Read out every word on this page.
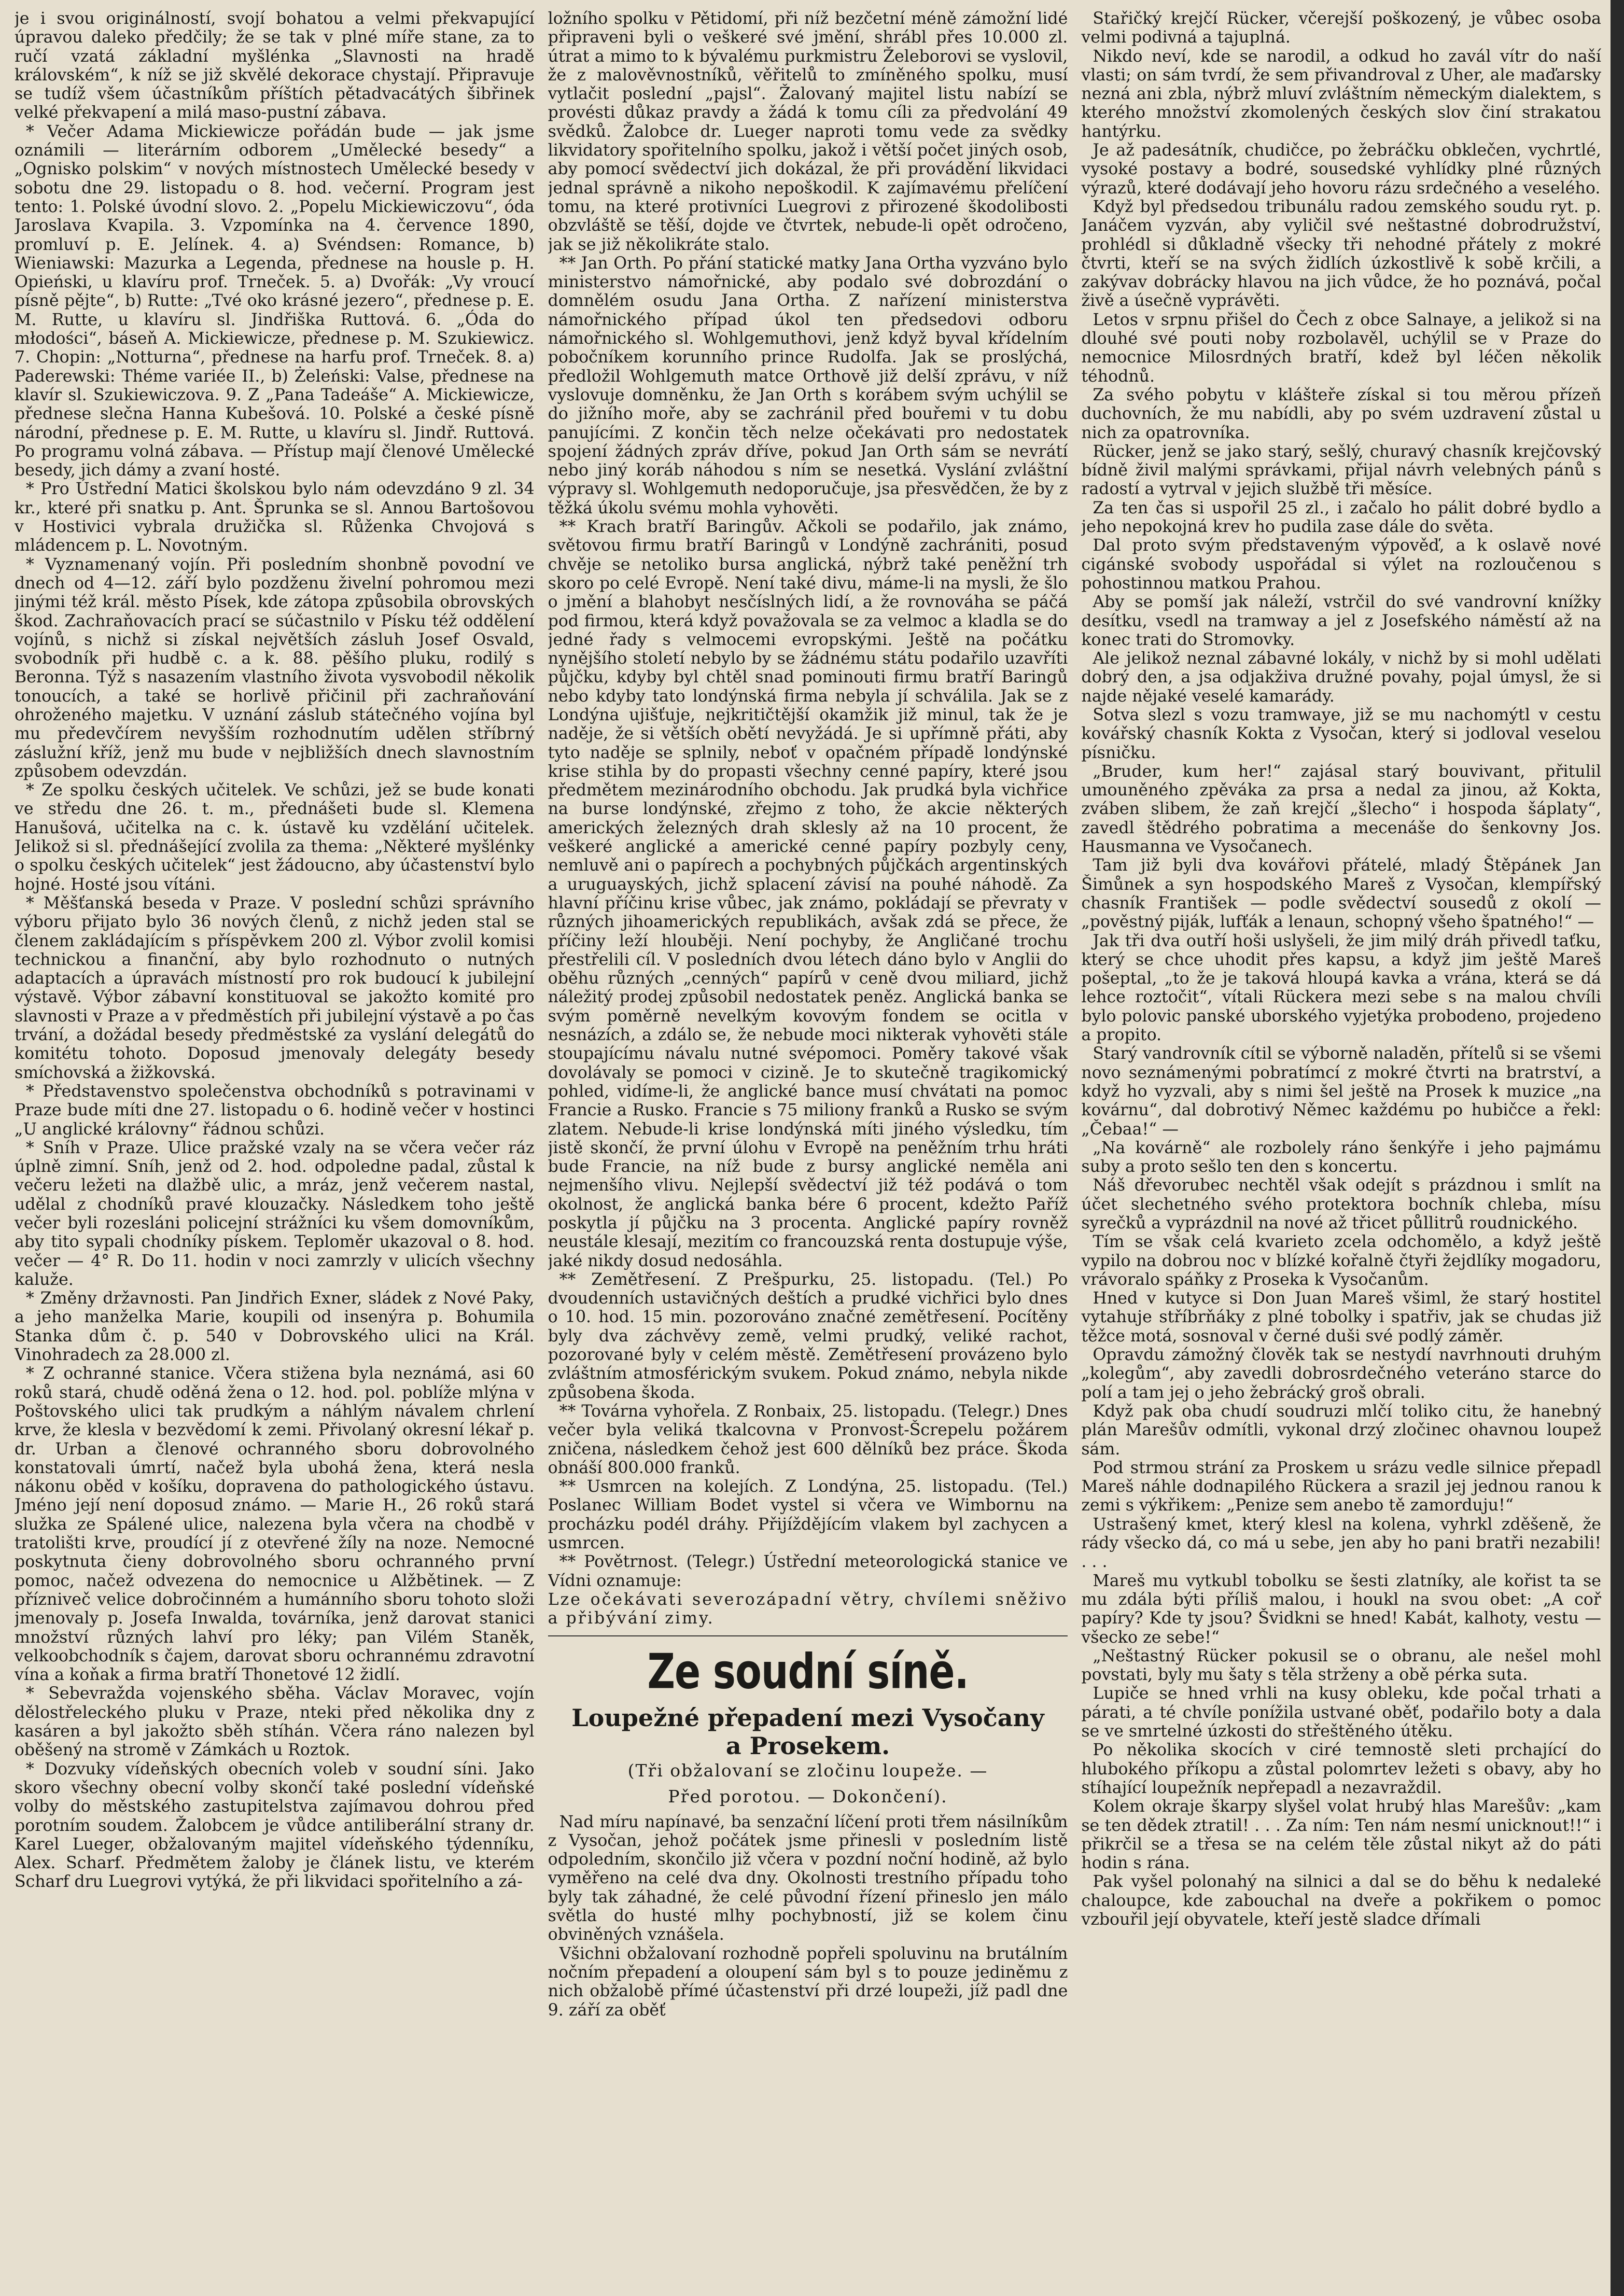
je i svou originálností, svojí bohatou a velmi překvapující úpravou daleko předčily; že se tak v plné míře stane, za to ručí vzatá základní myšlénka „Slavnosti na hradě královském“, k níž se již skvělé dekorace chystají. Připravuje se tudíž všem účastníkům příštích pětadvacátých šibřinek velké překvapení a milá maso-pustní zábava.

* Večer Adama Mickiewicze pořádán bude — jak jsme oznámili — literárním odborem „Umělecké besedy“ a „Ognisko polskim“ v nových místnostech Umělecké besedy v sobotu dne 29. listopadu o 8. hod. večerní. Program jest tento: 1. Polské úvodní slovo. 2. „Popelu Mickiewiczovu“, óda Jaroslava Kvapila. 3. Vzpomínka na 4. července 1890, promluví p. E. Jelínek. 4. a) Svéndsen: Romance, b) Wieniawski: Mazurka a Legenda, přednese na housle p. H. Opieński, u klavíru prof. Trneček. 5. a) Dvořák: „Vy vroucí písně pějte“, b) Rutte: „Tvé oko krásné jezero“, přednese p. E. M. Rutte, u klavíru sl. Jindřiška Ruttová. 6. „Óda do młodości“, báseň A. Mickiewicze, přednese p. M. Szukiewicz. 7. Chopin: „Notturna“, přednese na harfu prof. Trneček. 8. a) Paderewski: Théme variée II., b) Żeleński: Valse, přednese na klavír sl. Szukiewiczova. 9. Z „Pana Tadeáše“ A. Mickiewicze, přednese slečna Hanna Kubešová. 10. Polské a české písně národní, přednese p. E. M. Rutte, u klavíru sl. Jindř. Ruttová. Po programu volná zábava. — Přístup mají členové Umělecké besedy, jich dámy a zvaní hosté.

* Pro Ústřední Matici školskou bylo nám odevzdáno 9 zl. 34 kr., které při snatku p. Ant. Šprunka se sl. Annou Bartošovou v Hostivici vybrala družička sl. Růženka Chvojová s mládencem p. L. Novotným.

* Vyznamenaný vojín. Při posledním shonbně povodní ve dnech od 4—12. září bylo pozdženu živelní pohromou mezi jinými též král. město Písek, kde zátopa způsobila obrovských škod. Zachraňovacích prací se súčastnilo v Písku též oddělení vojínů, s nichž si získal největších zásluh Josef Osvald, svobodník při hudbě c. a k. 88. pěšího pluku, rodilý s Beronna. Týž s nasazením vlastního života vysvobodil několik tonoucích, a také se horlivě přičinil při zachraňování ohroženého majetku. V uznání záslub státečného vojína byl mu předevčírem nevyšším rozhodnutím udělen stříbrný záslužní kříž, jenž mu bude v nejbližších dnech slavnostním způsobem odevzdán.

* Ze spolku českých učitelek. Ve schůzi, jež se bude konati ve středu dne 26. t. m., přednášeti bude sl. Klemena Hanušová, učitelka na c. k. ústavě ku vzdělání učitelek. Jelikož si sl. přednášející zvolila za thema: „Některé myšlénky o spolku českých učitelek“ jest žádoucno, aby účastenství bylo hojné. Hosté jsou vítáni.

* Měšťanská beseda v Praze. V poslední schůzi správního výboru přijato bylo 36 nových členů, z nichž jeden stal se členem zakládajícím s příspěvkem 200 zl. Výbor zvolil komisi technickou a finanční, aby bylo rozhodnuto o nutných adaptacích a úpravách místností pro rok budoucí k jubilejní výstavě. Výbor zábavní konstituoval se jakožto komité pro slavnosti v Praze a v předměstích při jubilejní výstavě a po čas trvání, a dožádal besedy předměstské za vyslání delegátů do komitétu tohoto. Doposud jmenovaly delegáty besedy smíchovská a žižkovská.

* Představenstvo společenstva obchodníků s potravinami v Praze bude míti dne 27. listopadu o 6. hodině večer v hostinci „U anglické královny“ řádnou schůzi.

* Sníh v Praze. Ulice pražské vzaly na se včera večer ráz úplně zimní. Sníh, jenž od 2. hod. odpoledne padal, zůstal k večeru ležeti na dlažbě ulic, a mráz, jenž večerem nastal, udělal z chodníků pravé klouzačky. Následkem toho ještě večer byli rozesláni policejní strážníci ku všem domovníkům, aby tito sypali chodníky pískem. Teploměr ukazoval o 8. hod. večer — 4° R. Do 11. hodin v noci zamrzly v ulicích všechny kaluže.

* Změny državnosti. Pan Jindřich Exner, sládek z Nové Paky, a jeho manželka Marie, koupili od insenýra p. Bohumila Stanka dům č. p. 540 v Dobrovského ulici na Král. Vinohradech za 28.000 zl.

* Z ochranné stanice. Včera stižena byla neznámá, asi 60 roků stará, chudě oděná žena o 12. hod. pol. poblíže mlýna v Poštovského ulici tak prudkým a náhlým návalem chrlení krve, že klesla v bezvědomí k zemi. Přivolaný okresní lékař p. dr. Urban a členové ochranného sboru dobrovolného konstatovali úmrtí, načež byla ubohá žena, která nesla nákonu oběd v košíku, dopravena do pathologického ústavu. Jméno její není doposud známo. — Marie H., 26 roků stará služka ze Spálené ulice, nalezena byla včera na chodbě v tratolišti krve, proudící jí z otevřené žíly na noze. Nemocné poskytnuta čieny dobrovolného sboru ochranného první pomoc, načež odvezena do nemocnice u Alžbětinek. — Z přízniveč velice dobročinném a humánního sboru tohoto složi jmenovaly p. Josefa Inwalda, továrníka, jenž darovat stanici množství různých lahví pro léky; pan Vilém Staněk, velkoobchodník s čajem, darovat sboru ochrannému zdravotní vína a koňak a firma bratří Thonetové 12 židlí.

* Sebevražda vojenského sběha. Václav Moravec, vojín dělostřeleckého pluku v Praze, nteki před několika dny z kasáren a byl jakožto sběh stíhán. Včera ráno nalezen byl oběšený na stromě v Zámkách u Roztok.

* Dozvuky vídeňských obecních voleb v soudní síni. Jako skoro všechny obecní volby skončí také poslední vídeňské volby do městského zastupitelstva zajímavou dohrou před porotním soudem. Žalobcem je vůdce antiliberální strany dr. Karel Lueger, obžalovaným majitel vídeňského týdenníku, Alex. Scharf. Předmětem žaloby je článek listu, ve kterém Scharf dru Luegrovi vytýká, že při likvidaci spořitelního a zá-

ložního spolku v Pětidomí, při níž bezčetní méně zámožní lidé připraveni byli o veškeré své jmění, shrábl přes 10.000 zl. útrat a mimo to k bývalému purkmistru Želeborovi se vyslovil, že z malověvnostníků, věřitelů to zmíněného spolku, musí vytlačit poslední „pajsl“. Žalovaný majitel listu nabízí se provésti důkaz pravdy a žádá k tomu cíli za předvolání 49 svědků. Žalobce dr. Lueger naproti tomu vede za svědky likvidatory spořitelního spolku, jakož i větší počet jiných osob, aby pomocí svědectví jich dokázal, že při provádění likvidaci jednal správně a nikoho nepoškodil. K zajímavému přelíčení tomu, na které protivníci Luegrovi z přirozené škodolibosti obzvláště se těší, dojde ve čtvrtek, nebude-li opět odročeno, jak se již několikráte stalo.

** Jan Orth. Po přání statické matky Jana Ortha vyzváno bylo ministerstvo námořnické, aby podalo své dobrozdání o domnělém osudu Jana Ortha. Z nařízení ministerstva námořnického případ úkol ten předsedovi odboru námořnického sl. Wohlgemuthovi, jenž když byval křídelním pobočníkem korunního prince Rudolfa. Jak se proslýchá, předložil Wohlgemuth matce Orthově již delší zprávu, v níž vyslovuje domněnku, že Jan Orth s korábem svým uchýlil se do jižního moře, aby se zachránil před bouřemi v tu dobu panujícími. Z končin těch nelze očekávati pro nedostatek spojení žádných zpráv dříve, pokud Jan Orth sám se nevrátí nebo jiný koráb náhodou s ním se nesetká. Vyslání zvláštní výpravy sl. Wohlgemuth nedoporučuje, jsa přesvědčen, že by z těžká úkolu svému mohla vyhověti.

** Krach bratří Baringův. Ačkoli se podařilo, jak známo, světovou firmu bratří Baringů v Londýně zachrániti, posud chvěje se netoliko bursa anglická, nýbrž také peněžní trh skoro po celé Evropě. Není také divu, máme-li na mysli, že šlo o jmění a blahobyt nesčíslných lidí, a že rovnováha se páčá pod firmou, která když považovala se za velmoc a kladla se do jedné řady s velmocemi evropskými. Ještě na počátku nynějšího století nebylo by se žádnému státu podařilo uzavříti půjčku, kdyby byl chtěl snad pominouti firmu bratří Baringů nebo kdyby tato londýnská firma nebyla jí schválila. Jak se z Londýna ujišťuje, nejkritičtější okamžik již minul, tak že je naděje, že si větších obětí nevyžádá. Je si upřímně přáti, aby tyto naděje se splnily, neboť v opačném případě londýnské krise stihla by do propasti všechny cenné papíry, které jsou předmětem mezinárodního obchodu. Jak prudká byla vichřice na burse londýnské, zřejmo z toho, že akcie některých amerických železných drah sklesly až na 10 procent, že veškeré anglické a americké cenné papíry pozbyly ceny, nemluvě ani o papírech a pochybných půjčkách argentinských a uruguayských, jichž splacení závisí na pouhé náhodě. Za hlavní příčinu krise vůbec, jak známo, pokládají se převraty v různých jihoamerických republikách, avšak zdá se přece, že příčiny leží hlouběji. Není pochyby, že Angličané trochu přestřelili cíl. V posledních dvou létech dáno bylo v Anglii do oběhu různých „cenných“ papírů v ceně dvou miliard, jichž náležitý prodej způsobil nedostatek peněz. Anglická banka se svým poměrně nevelkým kovovým fondem se ocitla v nesnázích, a zdálo se, že nebude moci nikterak vyhověti stále stoupajícímu návalu nutné svépomoci. Poměry takové však dovolávaly se pomoci v cizině. Je to skutečně tragikomický pohled, vidíme-li, že anglické bance musí chvátati na pomoc Francie a Rusko. Francie s 75 miliony franků a Rusko se svým zlatem. Nebude-li krise londýnská míti jiného výsledku, tím jistě skončí, že první úlohu v Evropě na peněžním trhu hráti bude Francie, na níž bude z bursy anglické neměla ani nejmenšího vlivu. Nejlepší svědectví již též podává o tom okolnost, že anglická banka bére 6 procent, kdežto Paříž poskytla jí půjčku na 3 procenta. Anglické papíry rovněž neustále klesají, mezitím co francouzská renta dostupuje výše, jaké nikdy dosud nedosáhla.

** Zemětřesení. Z Prešpurku, 25. listopadu. (Tel.) Po dvoudenních ustavičných deštích a prudké vichřici bylo dnes o 10. hod. 15 min. pozorováno značné zemětřesení. Pocítěny byly dva záchvěvy země, velmi prudký, veliké rachot, pozorované byly v celém městě. Zemětřesení provázeno bylo zvláštním atmosférickým svukem. Pokud známo, nebyla nikde způsobena škoda.

** Továrna vyhořela. Z Ronbaix, 25. listopadu. (Telegr.) Dnes večer byla veliká tkalcovna v Pronvost-Šcrepelu požárem zničena, následkem čehož jest 600 dělníků bez práce. Škoda obnáší 800.000 franků.

** Usmrcen na kolejích. Z Londýna, 25. listopadu. (Tel.) Poslanec William Bodet vystel si včera ve Wimbornu na procházku podél dráhy. Přijíždějícím vlakem byl zachycen a usmrcen.

** Povětrnost. (Telegr.) Ústřední meteorologická stanice ve Vídni oznamuje:

Lze očekávati severozápadní větry, chvílemi sněživo a přibývání zimy.

Ze soudní síně.
Loupežné přepadení mezi Vysočany
a Prosekem.
(Tři obžalovaní se zločinu loupeže. —
Před porotou. — Dokončení).

Nad míru napínavé, ba senzační líčení proti třem násilníkům z Vysočan, jehož počátek jsme přinesli v posledním listě odpoledním, skončilo již včera v pozdní noční hodině, až bylo vyměřeno na celé dva dny. Okolnosti trestního případu toho byly tak záhadné, že celé původní řízení přineslo jen málo světla do husté mlhy pochybností, již se kolem činu obviněných vznášela.

Všichni obžalovaní rozhodně popřeli spoluvinu na brutálním nočním přepadení a oloupení sám byl s to pouze jediněmu z nich obžalobě přímé účastenství při drzé loupeži, jíž padl dne 9. září za oběť

Stařičký krejčí Rücker, včerejší poškozený, je vůbec osoba velmi podivná a tajuplná.

Nikdo neví, kde se narodil, a odkud ho zavál vítr do naší vlasti; on sám tvrdí, že sem přivandroval z Uher, ale maďarsky nezná ani zbla, nýbrž mluví zvláštním německým dialektem, s kterého množství zkomolených českých slov činí strakatou hantýrku.

Je až padesátník, chudičce, po žebráčku obklečen, vychrtlé, vysoké postavy a bodré, sousedské vyhlídky plné různých výrazů, které dodávají jeho hovoru rázu srdečného a veselého.

Když byl předsedou tribunálu radou zemského soudu ryt. p. Janáčem vyzván, aby vyličil své neštastné dobrodružství, prohlédl si důkladně všecky tři nehodné přátely z mokré čtvrti, kteří se na svých židlích úzkostlivě k sobě krčili, a zakývav dobrácky hlavou na jich vůdce, že ho poznává, počal živě a úsečně vyprávěti.

Letos v srpnu přišel do Čech z obce Salnaye, a jelikož si na dlouhé své pouti noby rozbolavěl, uchýlil se v Praze do nemocnice Milosrdných bratří, kdež byl léčen několik téhodnů.

Za svého pobytu v klášteře získal si tou měrou přízeň duchovních, že mu nabídli, aby po svém uzdravení zůstal u nich za opatrovníka.

Rücker, jenž se jako starý, sešlý, churavý chasník krejčovský bídně živil malými správkami, přijal návrh velebných pánů s radostí a vytrval v jejich službě tři měsíce.

Za ten čas si uspořil 25 zl., i začalo ho pálit dobré bydlo a jeho nepokojná krev ho pudila zase dále do světa.

Dal proto svým představeným výpověď, a k oslavě nové cigánské svobody uspořádal si výlet na rozloučenou s pohostinnou matkou Prahou.

Aby se pomší jak náleží, vstrčil do své vandrovní knížky desítku, vsedl na tramway a jel z Josefského náměstí až na konec trati do Stromovky.

Ale jelikož neznal zábavné lokály, v nichž by si mohl udělati dobrý den, a jsa odjakživa družné povahy, pojal úmysl, že si najde nějaké veselé kamarády.

Sotva slezl s vozu tramwaye, již se mu nachomýtl v cestu kovářský chasník Kokta z Vysočan, který si jodloval veselou písničku.

„Bruder, kum her!“ zajásal starý bouvivant, přitulil umouněného zpěváka za prsa a nedal za jinou, až Kokta, zváben slibem, že zaň krejčí „šlecho“ i hospoda šáplaty“, zavedl štědrého pobratima a mecenáše do šenkovny Jos. Hausmanna ve Vysočanech.

Tam již byli dva kovářovi přátelé, mladý Štěpánek Jan Šimůnek a syn hospodského Mareš z Vysočan, klempířský chasník František — podle svědectví sousedů z okolí — „pověstný piják, lufťák a lenaun, schopný všeho špatného!“ —

Jak tři dva outří hoši uslyšeli, že jim milý dráh přivedl taťku, který se chce uhodit přes kapsu, a když jim ještě Mareš pošeptal, „to že je taková hloupá kavka a vrána, která se dá lehce roztočit“, vítali Rückera mezi sebe s na malou chvíli bylo polovic panské uborského vyjetýka probodeno, projedeno a propito.

Starý vandrovník cítil se výborně naladěn, přítelů si se všemi novo seznámenými pobratímcí z mokré čtvrti na bratrství, a když ho vyzvali, aby s nimi šel ještě na Prosek k muzice „na kovárnu“, dal dobrotivý Němec každému po hubičce a řekl: „Čebaa!“ —

„Na kovárně“ ale rozbolely ráno šenkýře i jeho pajmámu suby a proto sešlo ten den s koncertu.

Náš dřevorubec nechtěl však odejít s prázdnou i smlít na účet slechetného svého protektora bochník chleba, mísu syrečků a vyprázdnil na nové až třicet půllitrů roudnického.

Tím se však celá kvarieto zcela odchomělo, a když ještě vypilo na dobrou noc v blízké kořalně čtyři žejdlíky mogadoru, vrávoralo spáňky z Proseka k Vysočanům.

Hned v kutyce si Don Juan Mareš všiml, že starý hostitel vytahuje stříbrňáky z plné tobolky i spatřiv, jak se chudas již těžce motá, sosnoval v černé duši své podlý záměr.

Opravdu zámožný člověk tak se nestydí navrhnouti druhým „kolegům“, aby zavedli dobrosrdečného veteráno starce do polí a tam jej o jeho žebrácký groš obrali.

Když pak oba chudí soudruzi mlčí toliko citu, že hanebný plán Marešův odmítli, vykonal drzý zločinec ohavnou loupež sám.

Pod strmou strání za Proskem u srázu vedle silnice přepadl Mareš náhle dodnapilého Rückera a srazil jej jednou ranou k zemi s výkřikem: „Penize sem anebo tě zamorduju!“

Ustrašený kmet, který klesl na kolena, vyhrkl zděšeně, že rády všecko dá, co má u sebe, jen aby ho pani bratři nezabili! . . .

Mareš mu vytkubl tobolku se šesti zlatníky, ale kořist ta se mu zdála býti příliš malou, i houkl na svou obet: „A coř papíry? Kde ty jsou? Švidkni se hned! Kabát, kalhoty, vestu — všecko ze sebe!“

„Neštastný Rücker pokusil se o obranu, ale nešel mohl povstati, byly mu šaty s těla strženy a obě pérka suta.

Lupiče se hned vrhli na kusy obleku, kde počal trhati a párati, a té chvíle ponížila ustvané oběť, podařilo boty a dala se ve smrtelné úzkosti do střeštěného útěku.

Po několika skocích v ciré temnostě sleti prchající do hlubokého příkopu a zůstal polomrtev ležeti s obavy, aby ho stíhající loupežník nepřepadl a nezavraždil.

Kolem okraje škarpy slyšel volat hrubý hlas Marešův: „kam se ten dědek ztratil! . . . Za ním: Ten nám nesmí unicknout!!“ i přikrčil se a třesa se na celém těle zůstal nikyt až do páti hodin s rána.

Pak vyšel polonahý na silnici a dal se do běhu k nedaleké chaloupce, kde zabouchal na dveře a pokřikem o pomoc vzbouřil její obyvatele, kteří jestě sladce dřímali
